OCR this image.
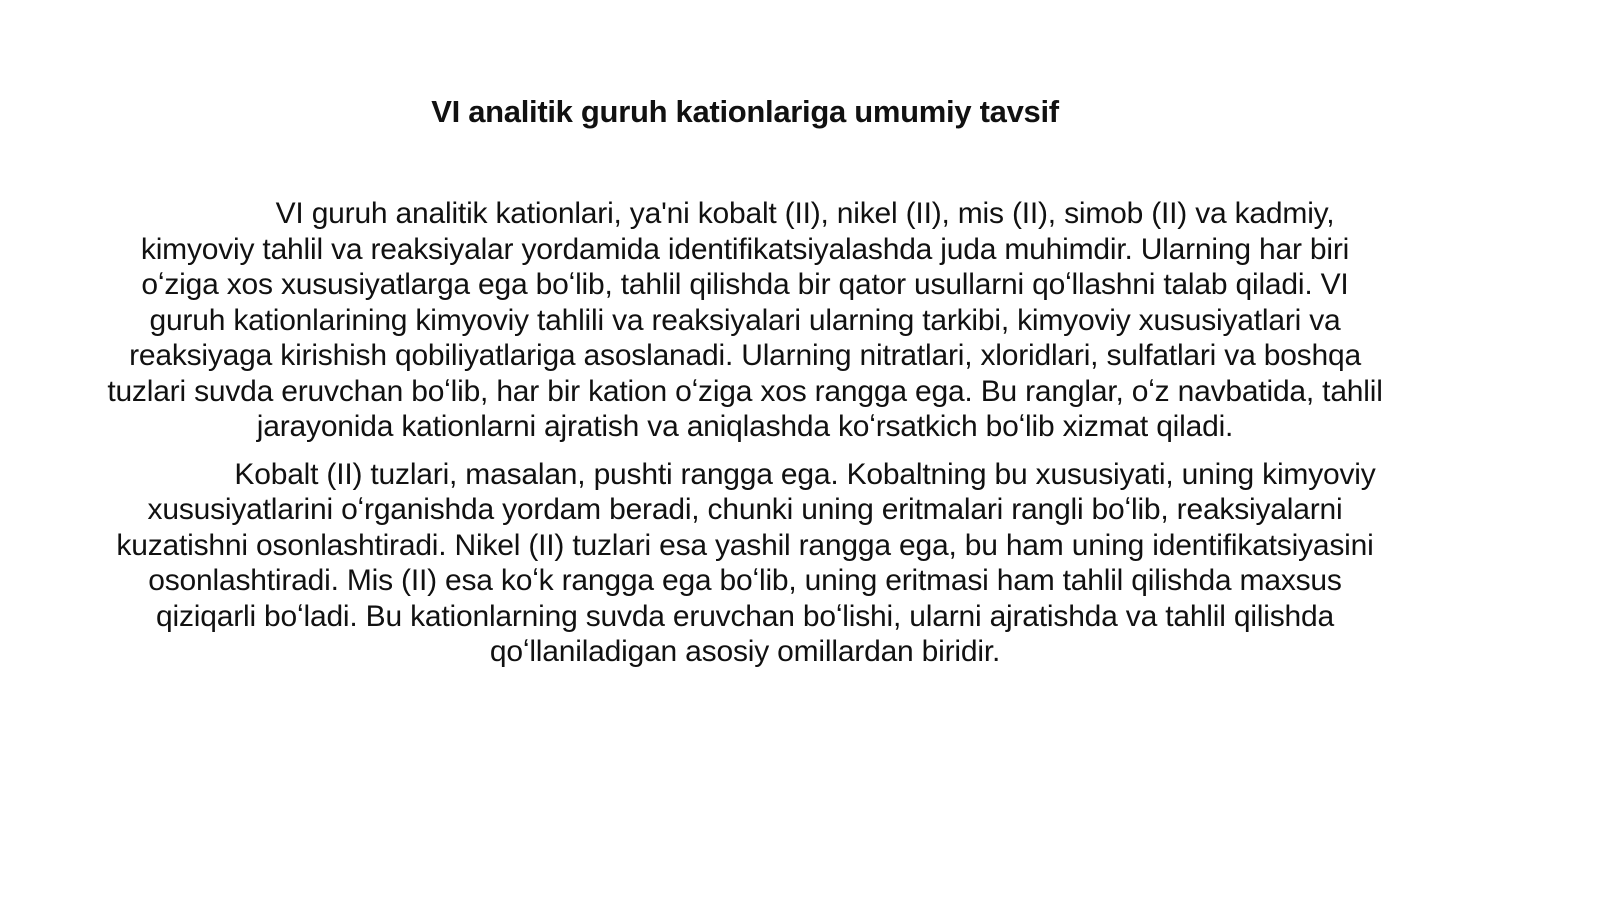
VI analitik guruh kationlariga umumiy tavsif

VI guruh analitik kationlari, ya'ni kobalt (II), nikel (II), mis (II), simob (II) va kadmiy, kimyoviy tahlil va reaksiyalar yordamida identifikatsiyalashda juda muhimdir. Ularning har biri oʻziga xos xususiyatlarga ega boʻlib, tahlil qilishda bir qator usullarni qoʻllashni talab qiladi. VI guruh kationlarining kimyoviy tahlili va reaksiyalari ularning tarkibi, kimyoviy xususiyatlari va reaksiyaga kirishish qobiliyatlariga asoslanadi. Ularning nitratlari, xloridlari, sulfatlari va boshqa tuzlari suvda eruvchan boʻlib, har bir kation oʻziga xos rangga ega. Bu ranglar, oʻz navbatida, tahlil jarayonida kationlarni ajratish va aniqlashda koʻrsatkich boʻlib xizmat qiladi.

Kobalt (II) tuzlari, masalan, pushti rangga ega. Kobaltning bu xususiyati, uning kimyoviy xususiyatlarini oʻrganishda yordam beradi, chunki uning eritmalari rangli boʻlib, reaksiyalarni kuzatishni osonlashtiradi. Nikel (II) tuzlari esa yashil rangga ega, bu ham uning identifikatsiyasini osonlashtiradi. Mis (II) esa koʻk rangga ega boʻlib, uning eritmasi ham tahlil qilishda maxsus qiziqarli boʻladi. Bu kationlarning suvda eruvchan boʻlishi, ularni ajratishda va tahlil qilishda qoʻllaniladigan asosiy omillardan biridir.
